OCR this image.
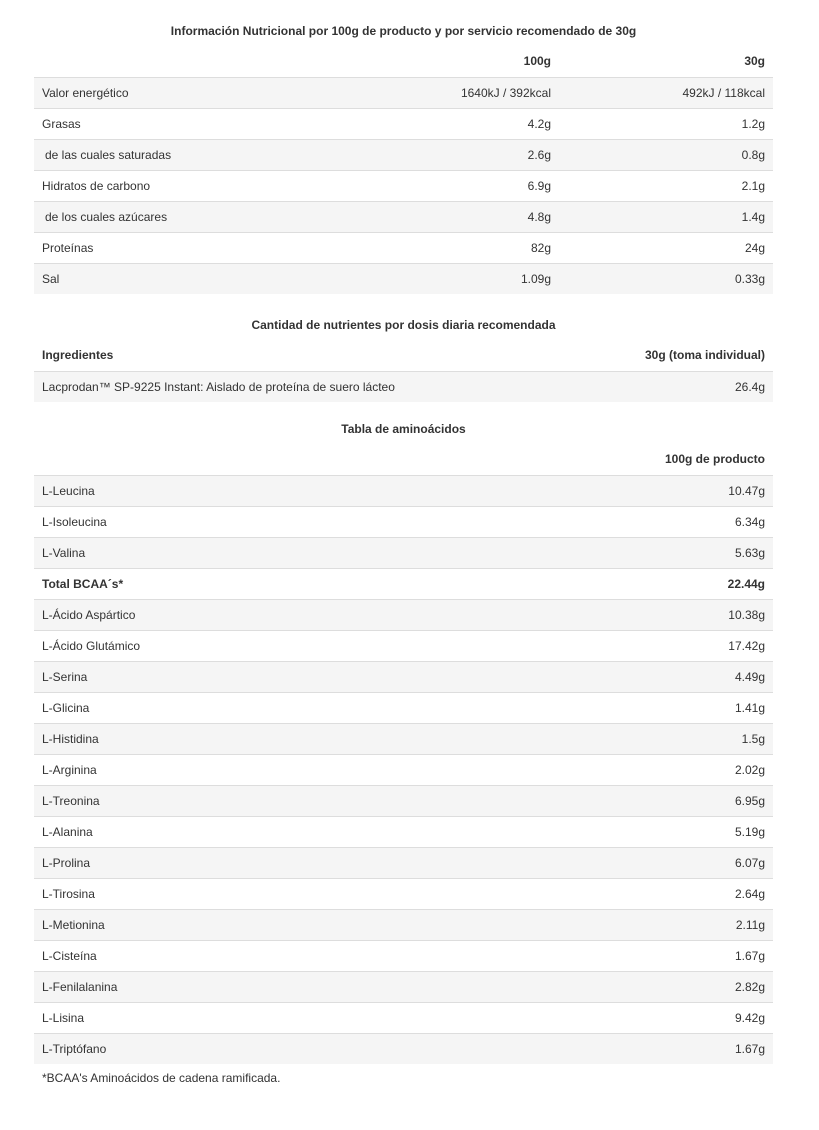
Información Nutricional por 100g de producto y por servicio recomendado de 30g
	100g	30g
Valor energético	1640kJ / 392kcal	492kJ / 118kcal
Grasas	4.2g	1.2g
de las cuales saturadas	2.6g	0.8g
Hidratos de carbono	6.9g	2.1g
de los cuales azúcares	4.8g	1.4g
Proteínas	82g	24g
Sal	1.09g	0.33g
Cantidad de nutrientes por dosis diaria recomendada
Ingredientes	30g (toma individual)
Lacprodan™ SP-9225 Instant: Aislado de proteína de suero lácteo	26.4g
Tabla de aminoácidos
	100g de producto
L-Leucina	10.47g
L-Isoleucina	6.34g
L-Valina	5.63g
Total BCAA´s*	22.44g
L-Ácido Aspártico	10.38g
L-Ácido Glutámico	17.42g
L-Serina	4.49g
L-Glicina	1.41g
L-Histidina	1.5g
L-Arginina	2.02g
L-Treonina	6.95g
L-Alanina	5.19g
L-Prolina	6.07g
L-Tirosina	2.64g
L-Metionina	2.11g
L-Cisteína	1.67g
L-Fenilalanina	2.82g
L-Lisina	9.42g
L-Triptófano	1.67g
*BCAA's Aminoácidos de cadena ramificada.
